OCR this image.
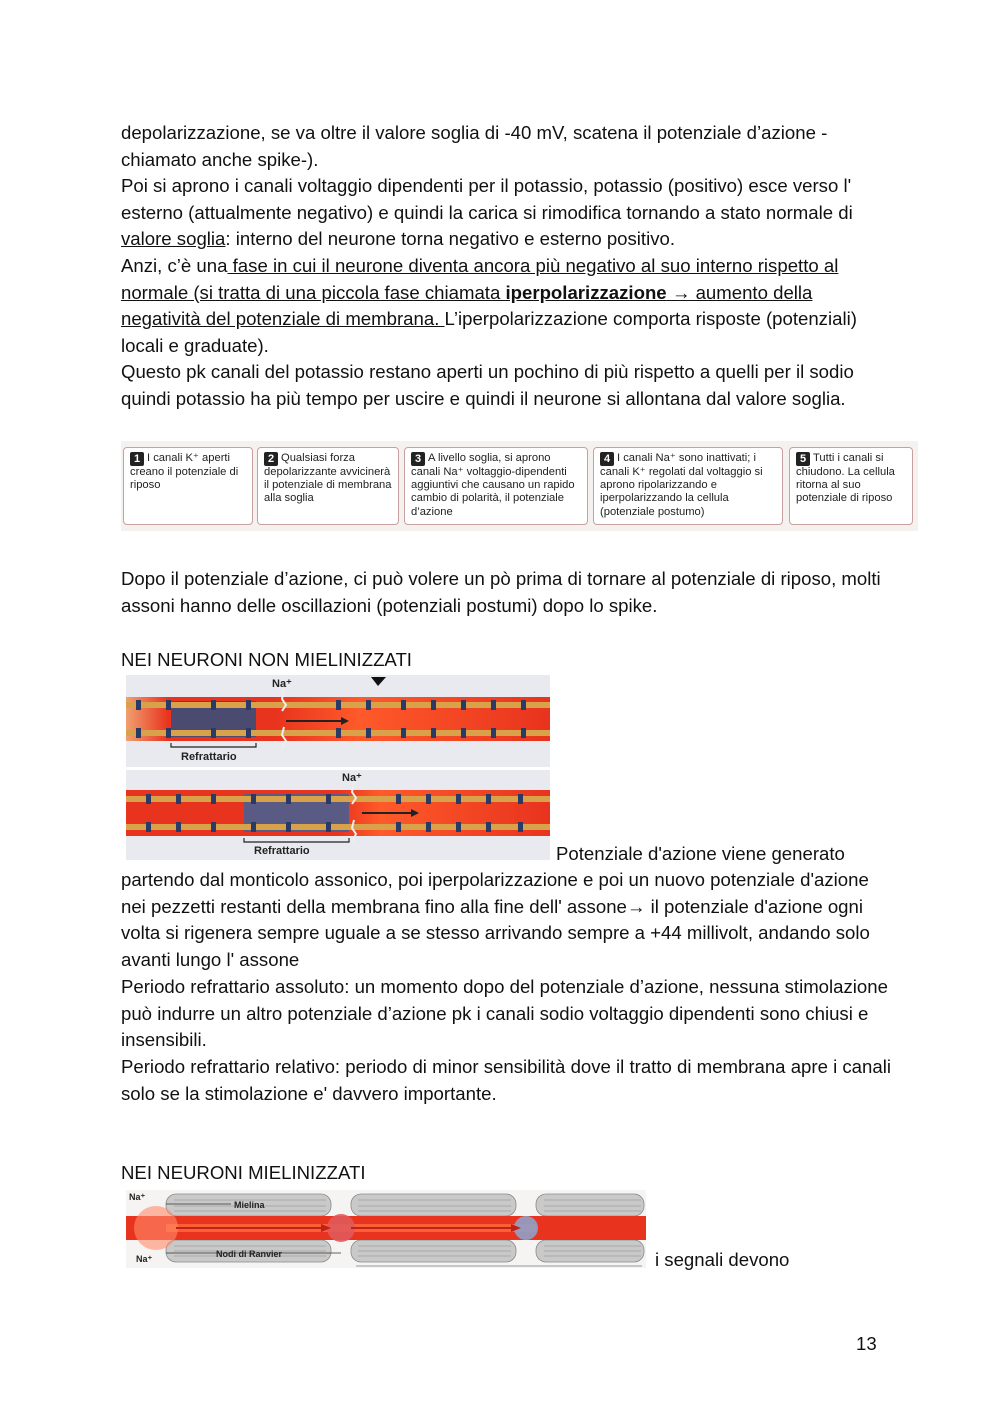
depolarizzazione, se va oltre il valore soglia di -40 mV, scatena il potenziale d’azione -chiamato anche spike-).

Poi si aprono i canali voltaggio dipendenti per il potassio, potassio (positivo) esce verso l' esterno (attualmente negativo) e quindi la carica si rimodifica tornando a stato normale di valore soglia: interno del neurone torna negativo e esterno positivo.

Anzi, c’è una fase in cui il neurone diventa ancora più negativo al suo interno rispetto al normale (si tratta di una piccola fase chiamata iperpolarizzazione → aumento della negatività del potenziale di membrana. L’iperpolarizzazione comporta risposte (potenziali) locali e graduate).

Questo pk canali del potassio restano aperti un pochino di più rispetto a quelli per il sodio quindi potassio ha più tempo per uscire e quindi il neurone si allontana dal valore soglia.

1 I canali K⁺ aperti creano il potenziale di riposo
2 Qualsiasi forza depolarizzante avvicinerà il potenziale di membrana alla soglia
3 A livello soglia, si aprono canali Na⁺ voltaggio-dipendenti aggiuntivi che causano un rapido cambio di polarità, il potenziale d’azione
4 I canali Na⁺ sono inattivati; i canali K⁺ regolati dal voltaggio si aprono ripolarizzando e iperpolarizzando la cellula (potenziale postumo)
5 Tutti i canali si chiudono. La cellula ritorna al suo potenziale di riposo

Dopo il potenziale d’azione, ci può volere un pò prima di tornare al potenziale di riposo, molti assoni hanno delle oscillazioni (potenziali postumi) dopo lo spike.

NEI NEURONI NON MIELINIZZATI

Na⁺
Refrattario
Na⁺
Refrattario	Potenziale d'azione viene generato

partendo dal monticolo assonico, poi iperpolarizzazione e poi un nuovo potenziale d'azione nei pezzetti restanti della membrana fino alla fine dell' assone→ il potenziale d'azione ogni volta si rigenera sempre uguale a se stesso arrivando sempre a +44 millivolt, andando solo avanti lungo l' assone

Periodo refrattario assoluto: un momento dopo del potenziale d’azione, nessuna stimolazione può indurre un altro potenziale d’azione pk i canali sodio voltaggio dipendenti sono chiusi e insensibili.

Periodo refrattario relativo: periodo di minor sensibilità dove il tratto di membrana apre i canali solo se la stimolazione e' davvero importante.

NEI NEURONI MIELINIZZATI

Na⁺
Na⁺
Mielina
Nodi di Ranvier	i segnali devono
13
